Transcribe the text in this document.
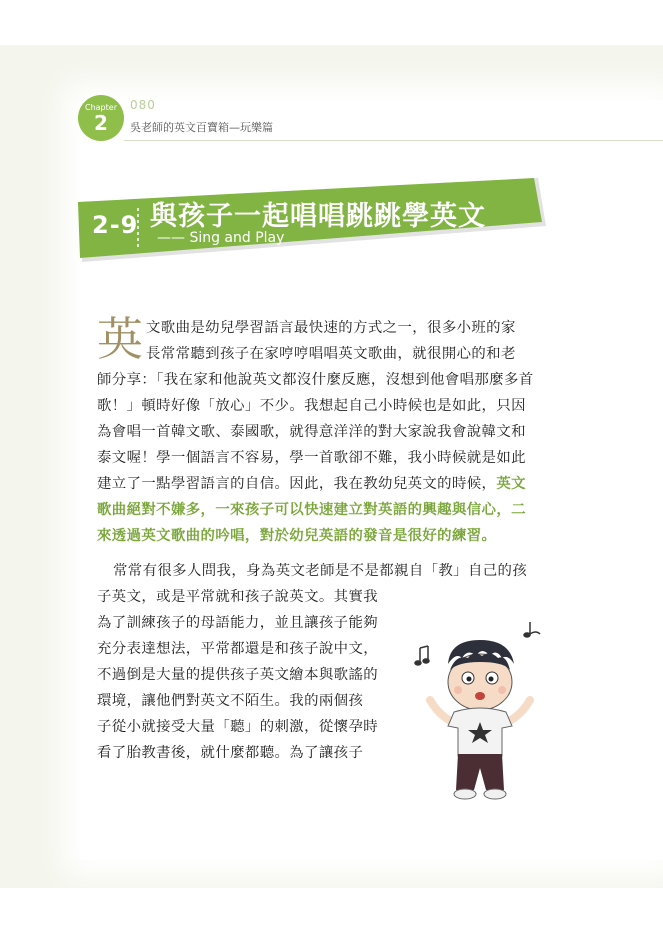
Chapter
2
080
吳老師的英文百寶箱—玩樂篇
2-9 與孩子一起唱唱跳跳學英文
—— Sing and Play
英 文歌曲是幼兒學習語言最快速的方式之一，很多小班的家
長常常聽到孩子在家哼哼唱唱英文歌曲，就很開心的和老
師分享：「我在家和他說英文都沒什麼反應，沒想到他會唱那麼多首
歌！」頓時好像「放心」不少。我想起自己小時候也是如此，只因
為會唱一首韓文歌、泰國歌，就得意洋洋的對大家說我會說韓文和
泰文喔！學一個語言不容易，學一首歌卻不難，我小時候就是如此
建立了一點學習語言的自信。因此，我在教幼兒英文的時候，英文
歌曲絕對不嫌多，一來孩子可以快速建立對英語的興趣與信心，二
來透過英文歌曲的吟唱，對於幼兒英語的發音是很好的練習。
常常有很多人問我，身為英文老師是不是都親自「教」自己的孩
子英文，或是平常就和孩子說英文。其實我
為了訓練孩子的母語能力，並且讓孩子能夠
充分表達想法，平常都還是和孩子說中文，
不過倒是大量的提供孩子英文繪本與歌謠的
環境，讓他們對英文不陌生。我的兩個孩
子從小就接受大量「聽」的刺激，從懷孕時
看了胎教書後，就什麼都聽。為了讓孩子
